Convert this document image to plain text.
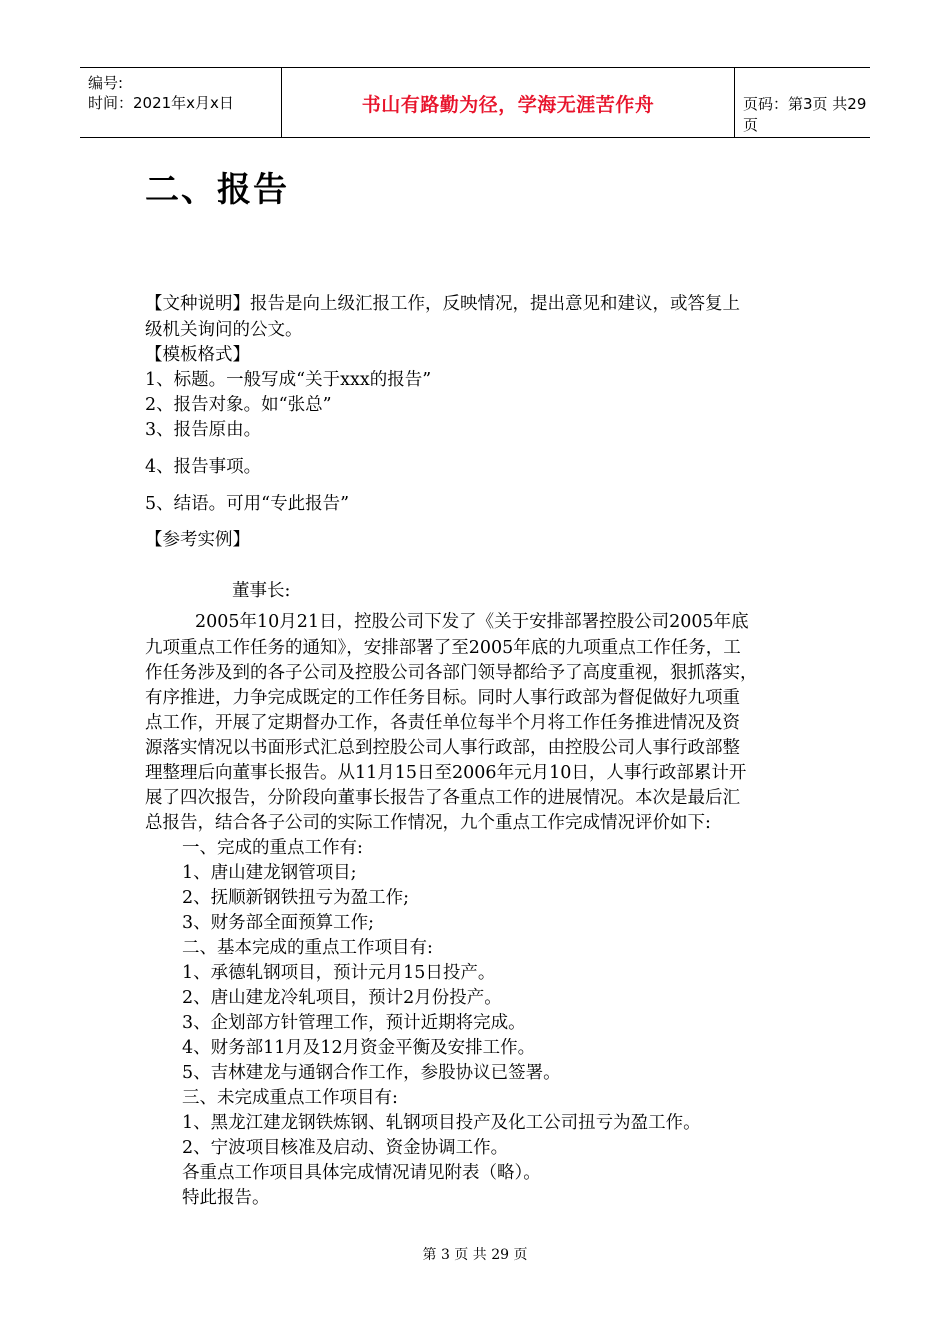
编号:
时间：2021年x月x日	书山有路勤为径，学海无涯苦作舟	页码：第3页 共29页
二、报告
【文种说明】报告是向上级汇报工作，反映情况，提出意见和建议，或答复上
级机关询问的公文。
【模板格式】
1、标题。一般写成“关于xxx的报告”
2、报告对象。如“张总”
3、报告原由。
4、报告事项。
5、结语。可用“专此报告”
【参考实例】
董事长:
2005年10月21日，控股公司下发了《关于安排部署控股公司2005年底
九项重点工作任务的通知》，安排部署了至2005年底的九项重点工作任务，工
作任务涉及到的各子公司及控股公司各部门领导都给予了高度重视，狠抓落实，
有序推进，力争完成既定的工作任务目标。同时人事行政部为督促做好九项重
点工作，开展了定期督办工作，各责任单位每半个月将工作任务推进情况及资
源落实情况以书面形式汇总到控股公司人事行政部，由控股公司人事行政部整
理整理后向董事长报告。从11月15日至2006年元月10日，人事行政部累计开
展了四次报告，分阶段向董事长报告了各重点工作的进展情况。本次是最后汇
总报告，结合各子公司的实际工作情况，九个重点工作完成情况评价如下:
一、完成的重点工作有:
1、唐山建龙钢管项目;
2、抚顺新钢铁扭亏为盈工作;
3、财务部全面预算工作;
二、基本完成的重点工作项目有:
1、承德轧钢项目，预计元月15日投产。
2、唐山建龙冷轧项目，预计2月份投产。
3、企划部方针管理工作，预计近期将完成。
4、财务部11月及12月资金平衡及安排工作。
5、吉林建龙与通钢合作工作，参股协议已签署。
三、未完成重点工作项目有:
1、黑龙江建龙钢铁炼钢、轧钢项目投产及化工公司扭亏为盈工作。
2、宁波项目核准及启动、资金协调工作。
各重点工作项目具体完成情况请见附表（略）。
特此报告。
第 3 页 共 29 页
